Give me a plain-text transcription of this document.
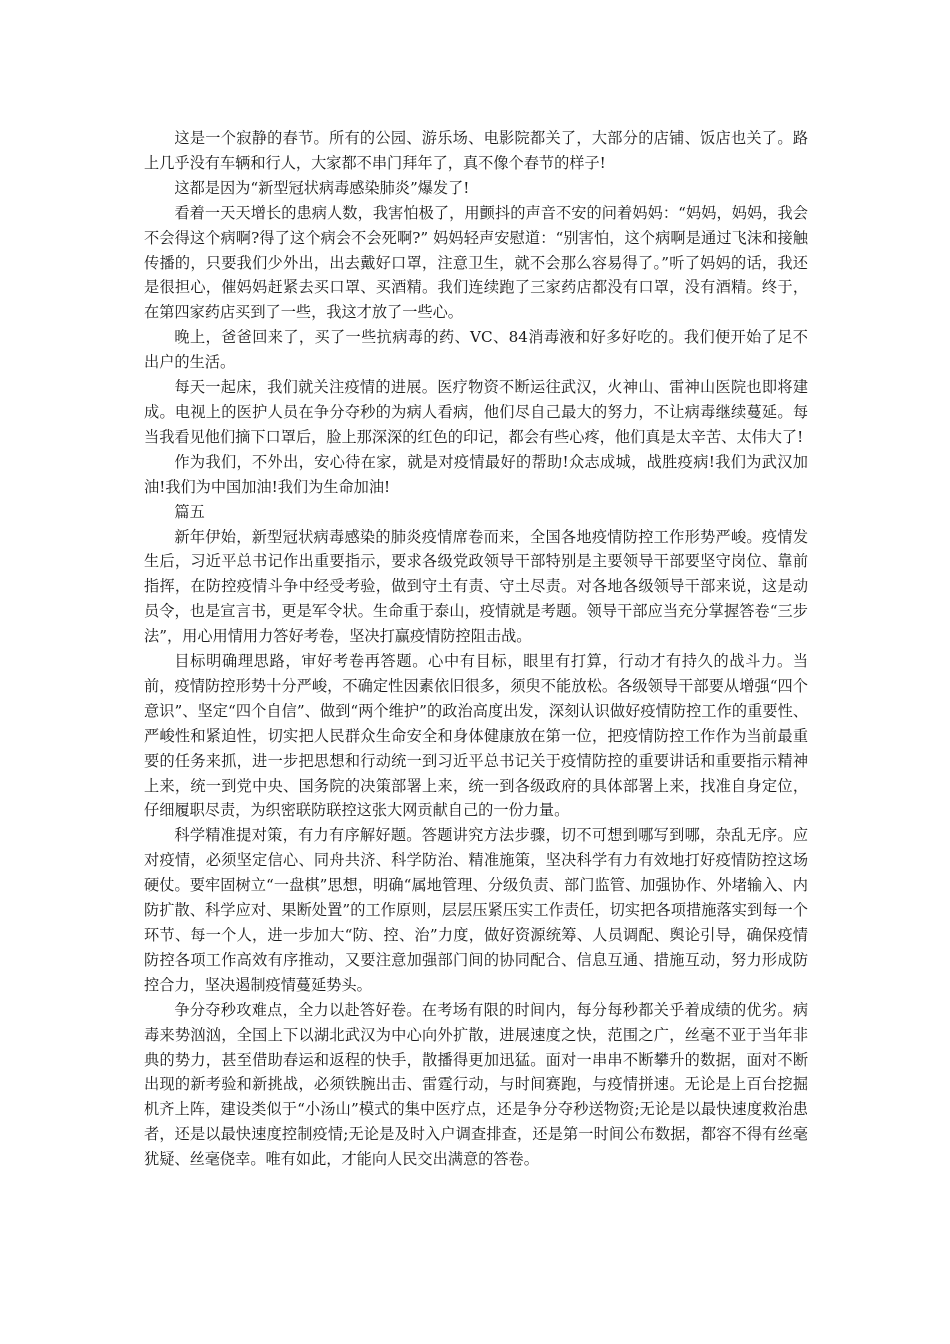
这是一个寂静的春节。所有的公园、游乐场、电影院都关了，大部分的店铺、饭店也关了。路上几乎没有车辆和行人，大家都不串门拜年了，真不像个春节的样子!

这都是因为“新型冠状病毒感染肺炎”爆发了!

看着一天天增长的患病人数，我害怕极了，用颤抖的声音不安的问着妈妈：“妈妈，妈妈，我会不会得这个病啊?得了这个病会不会死啊?” 妈妈轻声安慰道：“别害怕，这个病啊是通过飞沫和接触传播的，只要我们少外出，出去戴好口罩，注意卫生，就不会那么容易得了。”听了妈妈的话，我还是很担心，催妈妈赶紧去买口罩、买酒精。我们连续跑了三家药店都没有口罩，没有酒精。终于，在第四家药店买到了一些，我这才放了一些心。

晚上，爸爸回来了，买了一些抗病毒的药、VC、84消毒液和好多好吃的。我们便开始了足不出户的生活。

每天一起床，我们就关注疫情的进展。医疗物资不断运往武汉，火神山、雷神山医院也即将建成。电视上的医护人员在争分夺秒的为病人看病，他们尽自己最大的努力，不让病毒继续蔓延。每当我看见他们摘下口罩后，脸上那深深的红色的印记，都会有些心疼，他们真是太辛苦、太伟大了!

作为我们，不外出，安心待在家，就是对疫情最好的帮助!众志成城，战胜疫病!我们为武汉加油!我们为中国加油!我们为生命加油!

篇五

新年伊始，新型冠状病毒感染的肺炎疫情席卷而来，全国各地疫情防控工作形势严峻。疫情发生后，习近平总书记作出重要指示，要求各级党政领导干部特别是主要领导干部要坚守岗位、靠前指挥，在防控疫情斗争中经受考验，做到守土有责、守土尽责。对各地各级领导干部来说，这是动员令，也是宣言书，更是军令状。生命重于泰山，疫情就是考题。领导干部应当充分掌握答卷“三步法”，用心用情用力答好考卷，坚决打赢疫情防控阻击战。

目标明确理思路，审好考卷再答题。心中有目标，眼里有打算，行动才有持久的战斗力。当前，疫情防控形势十分严峻，不确定性因素依旧很多，须臾不能放松。各级领导干部要从增强“四个意识”、坚定“四个自信”、做到“两个维护”的政治高度出发，深刻认识做好疫情防控工作的重要性、严峻性和紧迫性，切实把人民群众生命安全和身体健康放在第一位，把疫情防控工作作为当前最重要的任务来抓，进一步把思想和行动统一到习近平总书记关于疫情防控的重要讲话和重要指示精神上来，统一到党中央、国务院的决策部署上来，统一到各级政府的具体部署上来，找准自身定位，仔细履职尽责，为织密联防联控这张大网贡献自己的一份力量。

科学精准提对策，有力有序解好题。答题讲究方法步骤，切不可想到哪写到哪，杂乱无序。应对疫情，必须坚定信心、同舟共济、科学防治、精准施策，坚决科学有力有效地打好疫情防控这场硬仗。要牢固树立“一盘棋”思想，明确“属地管理、分级负责、部门监管、加强协作、外堵输入、内防扩散、科学应对、果断处置”的工作原则，层层压紧压实工作责任，切实把各项措施落实到每一个环节、每一个人，进一步加大“防、控、治”力度，做好资源统筹、人员调配、舆论引导，确保疫情防控各项工作高效有序推动，又要注意加强部门间的协同配合、信息互通、措施互动，努力形成防控合力，坚决遏制疫情蔓延势头。

争分夺秒攻难点，全力以赴答好卷。在考场有限的时间内，每分每秒都关乎着成绩的优劣。病毒来势汹汹，全国上下以湖北武汉为中心向外扩散，进展速度之快，范围之广，丝毫不亚于当年非典的势力，甚至借助春运和返程的快手，散播得更加迅猛。面对一串串不断攀升的数据，面对不断出现的新考验和新挑战，必须铁腕出击、雷霆行动，与时间赛跑，与疫情拼速。无论是上百台挖掘机齐上阵，建设类似于“小汤山”模式的集中医疗点，还是争分夺秒送物资;无论是以最快速度救治患者，还是以最快速度控制疫情;无论是及时入户调查排查，还是第一时间公布数据，都容不得有丝毫犹疑、丝毫侥幸。唯有如此，才能向人民交出满意的答卷。
